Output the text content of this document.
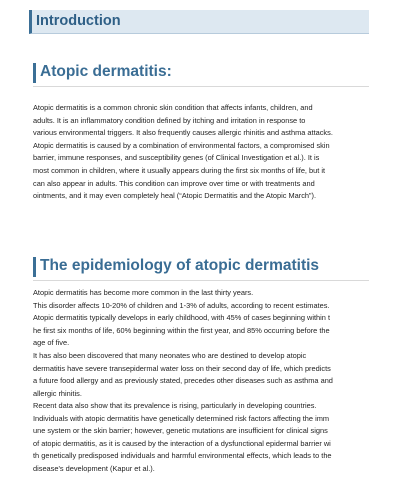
Introduction
Atopic dermatitis:
Atopic dermatitis is a common chronic skin condition that affects infants, children, and
adults. It is an inflammatory condition defined by itching and irritation in response to
various environmental triggers. It also frequently causes allergic rhinitis and asthma attacks.
Atopic dermatitis is caused by a combination of environmental factors, a compromised skin
barrier, immune responses, and susceptibility genes (of Clinical Investigation et al.). It is
most common in children, where it usually appears during the first six months of life, but it
can also appear in adults. This condition can improve over time or with treatments and
ointments, and it may even completely heal (“Atopic Dermatitis and the Atopic March”).
The epidemiology of atopic dermatitis
Atopic dermatitis has become more common in the last thirty years.
This disorder affects 10-20% of children and 1-3% of adults, according to recent estimates.
Atopic dermatitis typically develops in early childhood, with 45% of cases beginning within t
he first six months of life, 60% beginning within the first year, and 85% occurring before the
age of five.
It has also been discovered that many neonates who are destined to develop atopic
dermatitis have severe transepidermal water loss on their second day of life, which predicts
a future food allergy and as previously stated, precedes other diseases such as asthma and
allergic rhinitis.
Recent data also show that its prevalence is rising, particularly in developing countries.
Individuals with atopic dermatitis have genetically determined risk factors affecting the imm
une system or the skin barrier; however, genetic mutations are insufficient for clinical signs
of atopic dermatitis, as it is caused by the interaction of a dysfunctional epidermal barrier wi
th genetically predisposed individuals and harmful environmental effects, which leads to the
disease's development (Kapur et al.).
